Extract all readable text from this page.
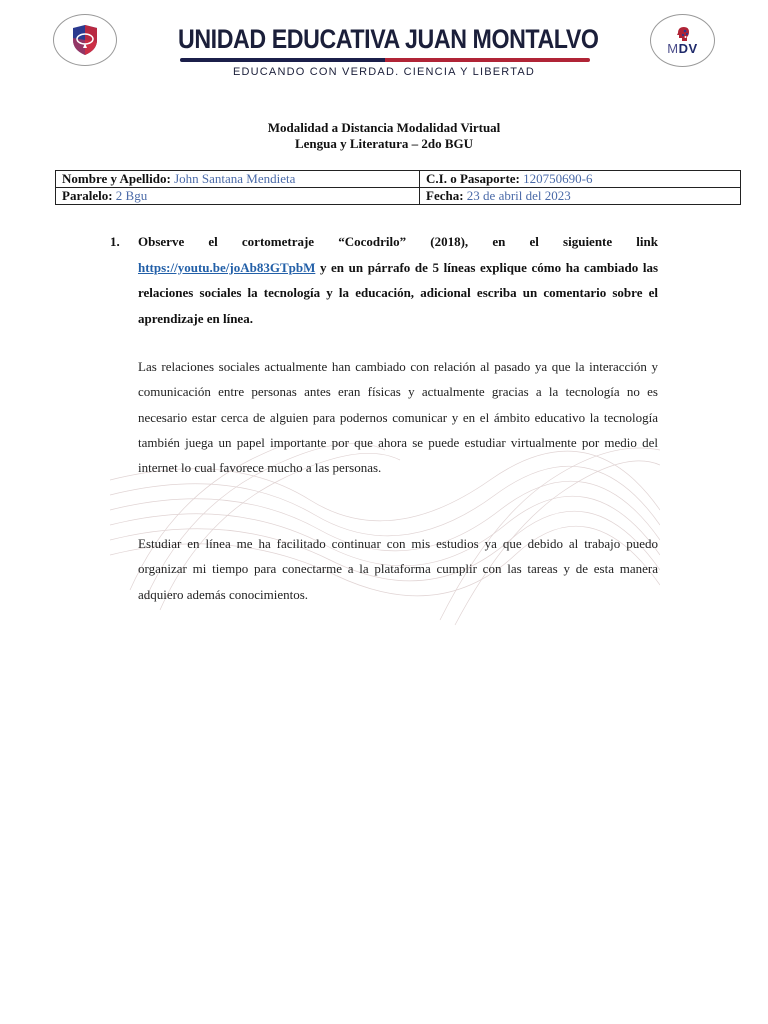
UNIDAD EDUCATIVA JUAN MONTALVO
EDUCANDO CON VERDAD. CIENCIA Y LIBERTAD
MDV
Modalidad a Distancia Modalidad Virtual
Lengua y Literatura – 2do BGU
Nombre y Apellido: John Santana Mendieta	C.I. o Pasaporte: 120750690-6
Paralelo: 2 Bgu	Fecha: 23 de abril del 2023
1. Observe el cortometraje “Cocodrilo” (2018), en el siguiente link https://youtu.be/joAb83GTpbM y en un párrafo de 5 líneas explique cómo ha cambiado las relaciones sociales la tecnología y la educación, adicional escriba un comentario sobre el aprendizaje en línea.
Las relaciones sociales actualmente han cambiado con relación al pasado ya que la interacción y comunicación entre personas antes eran físicas y actualmente gracias a la tecnología no es necesario estar cerca de alguien para podernos comunicar y en el ámbito educativo la tecnología también juega un papel importante por que ahora se puede estudiar virtualmente por medio del internet lo cual favorece mucho a las personas.
Estudiar en línea me ha facilitado continuar con mis estudios ya que debido al trabajo puedo organizar mi tiempo para conectarme a la plataforma cumplir con las tareas y de esta manera adquiero además conocimientos.
